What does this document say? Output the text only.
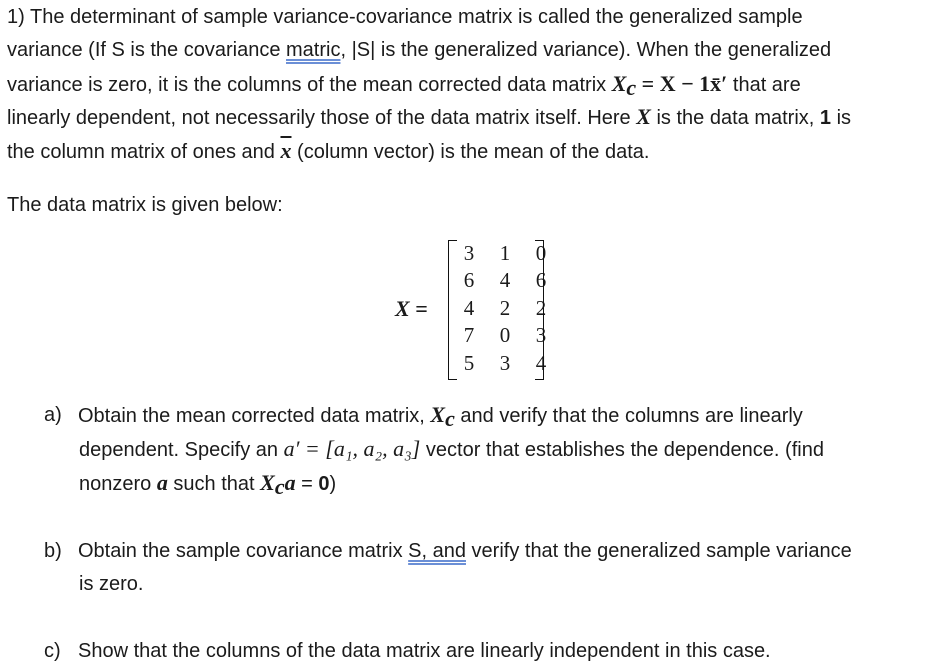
1) The determinant of sample variance-covariance matrix is called the generalized sample
variance (If S is the covariance matric, |S| is the generalized variance). When the generalized
variance is zero, it is the columns of the mean corrected data matrix $X_c = X$ − 1x̄′ that are
linearly dependent, not necessarily those of the data matrix itself. Here X is the data matrix, 1 is
the column matrix of ones and $\overline{x}$ (column vector) is the mean of the data.
The data matrix is given below:
X =
3	1	0
6	4	6
4	2	2
7	0	3
5	3	4
a) Obtain the mean corrected data matrix, $X_c$ and verify that the columns are linearly
dependent. Specify an a′ = [a₁, a₂, a₃] vector that establishes the dependence. (find
nonzero a such that $X_ca = 0$)
b) Obtain the sample covariance matrix S, and verify that the generalized sample variance
is zero.
c) Show that the columns of the data matrix are linearly independent in this case.
